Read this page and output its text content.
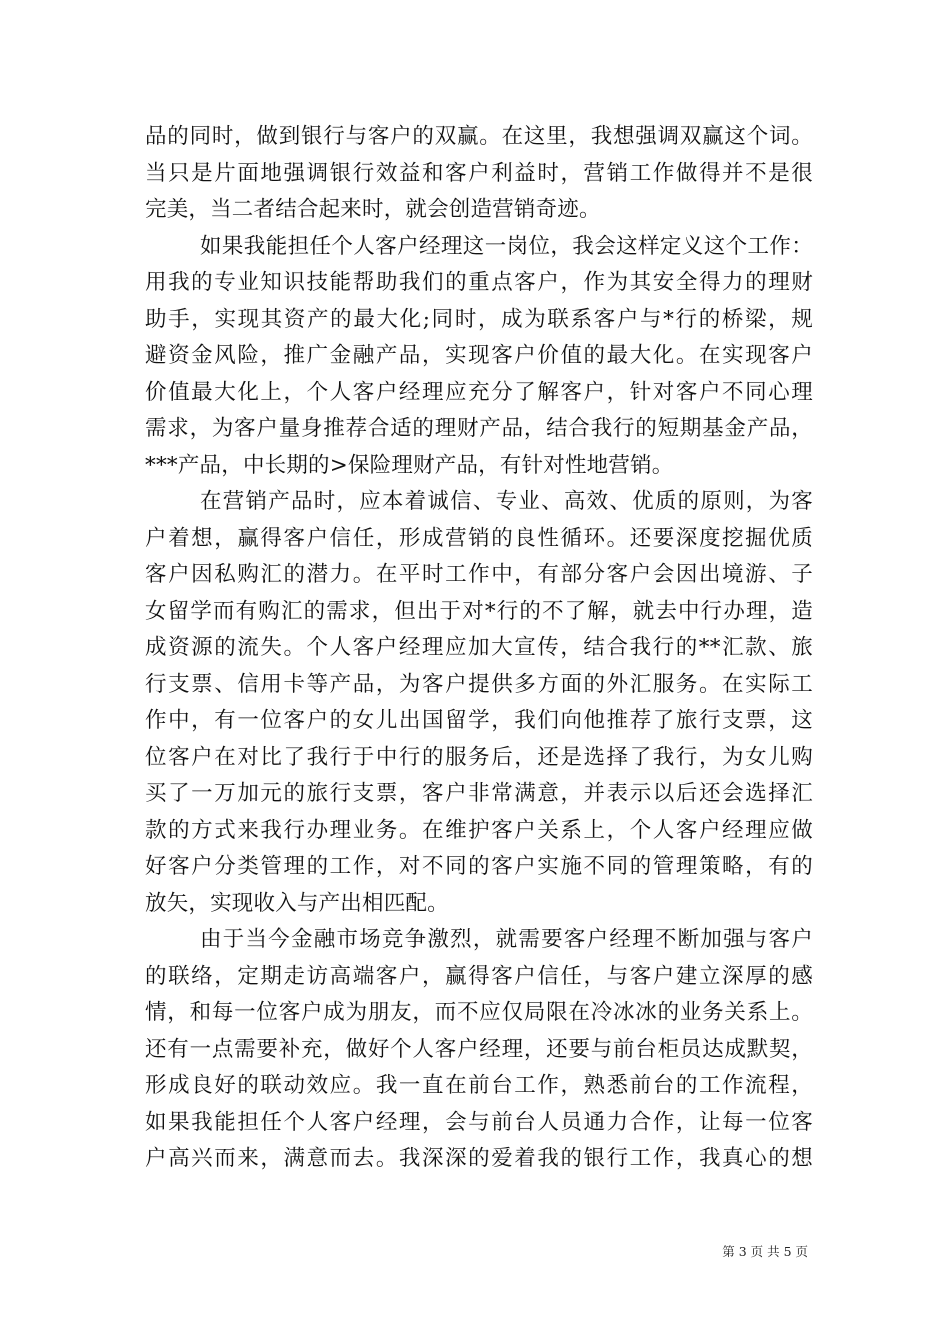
品的同时，做到银行与客户的双赢。在这里，我想强调双赢这个词。
当只是片面地强调银行效益和客户利益时，营销工作做得并不是很
完美，当二者结合起来时，就会创造营销奇迹。
如果我能担任个人客户经理这一岗位，我会这样定义这个工作：
用我的专业知识技能帮助我们的重点客户，作为其安全得力的理财
助手，实现其资产的最大化;同时，成为联系客户与*行的桥梁，规
避资金风险，推广金融产品，实现客户价值的最大化。在实现客户
价值最大化上，个人客户经理应充分了解客户，针对客户不同心理
需求，为客户量身推荐合适的理财产品，结合我行的短期基金产品，
***产品，中长期的>保险理财产品，有针对性地营销。
在营销产品时，应本着诚信、专业、高效、优质的原则，为客
户着想，赢得客户信任，形成营销的良性循环。还要深度挖掘优质
客户因私购汇的潜力。在平时工作中，有部分客户会因出境游、子
女留学而有购汇的需求，但出于对*行的不了解，就去中行办理，造
成资源的流失。个人客户经理应加大宣传，结合我行的**汇款、旅
行支票、信用卡等产品，为客户提供多方面的外汇服务。在实际工
作中，有一位客户的女儿出国留学，我们向他推荐了旅行支票，这
位客户在对比了我行于中行的服务后，还是选择了我行，为女儿购
买了一万加元的旅行支票，客户非常满意，并表示以后还会选择汇
款的方式来我行办理业务。在维护客户关系上，个人客户经理应做
好客户分类管理的工作，对不同的客户实施不同的管理策略，有的
放矢，实现收入与产出相匹配。
由于当今金融市场竞争激烈，就需要客户经理不断加强与客户
的联络，定期走访高端客户，赢得客户信任，与客户建立深厚的感
情，和每一位客户成为朋友，而不应仅局限在冷冰冰的业务关系上。
还有一点需要补充，做好个人客户经理，还要与前台柜员达成默契，
形成良好的联动效应。我一直在前台工作，熟悉前台的工作流程，
如果我能担任个人客户经理，会与前台人员通力合作，让每一位客
户高兴而来，满意而去。我深深的爱着我的银行工作，我真心的想
第 3 页 共 5 页
